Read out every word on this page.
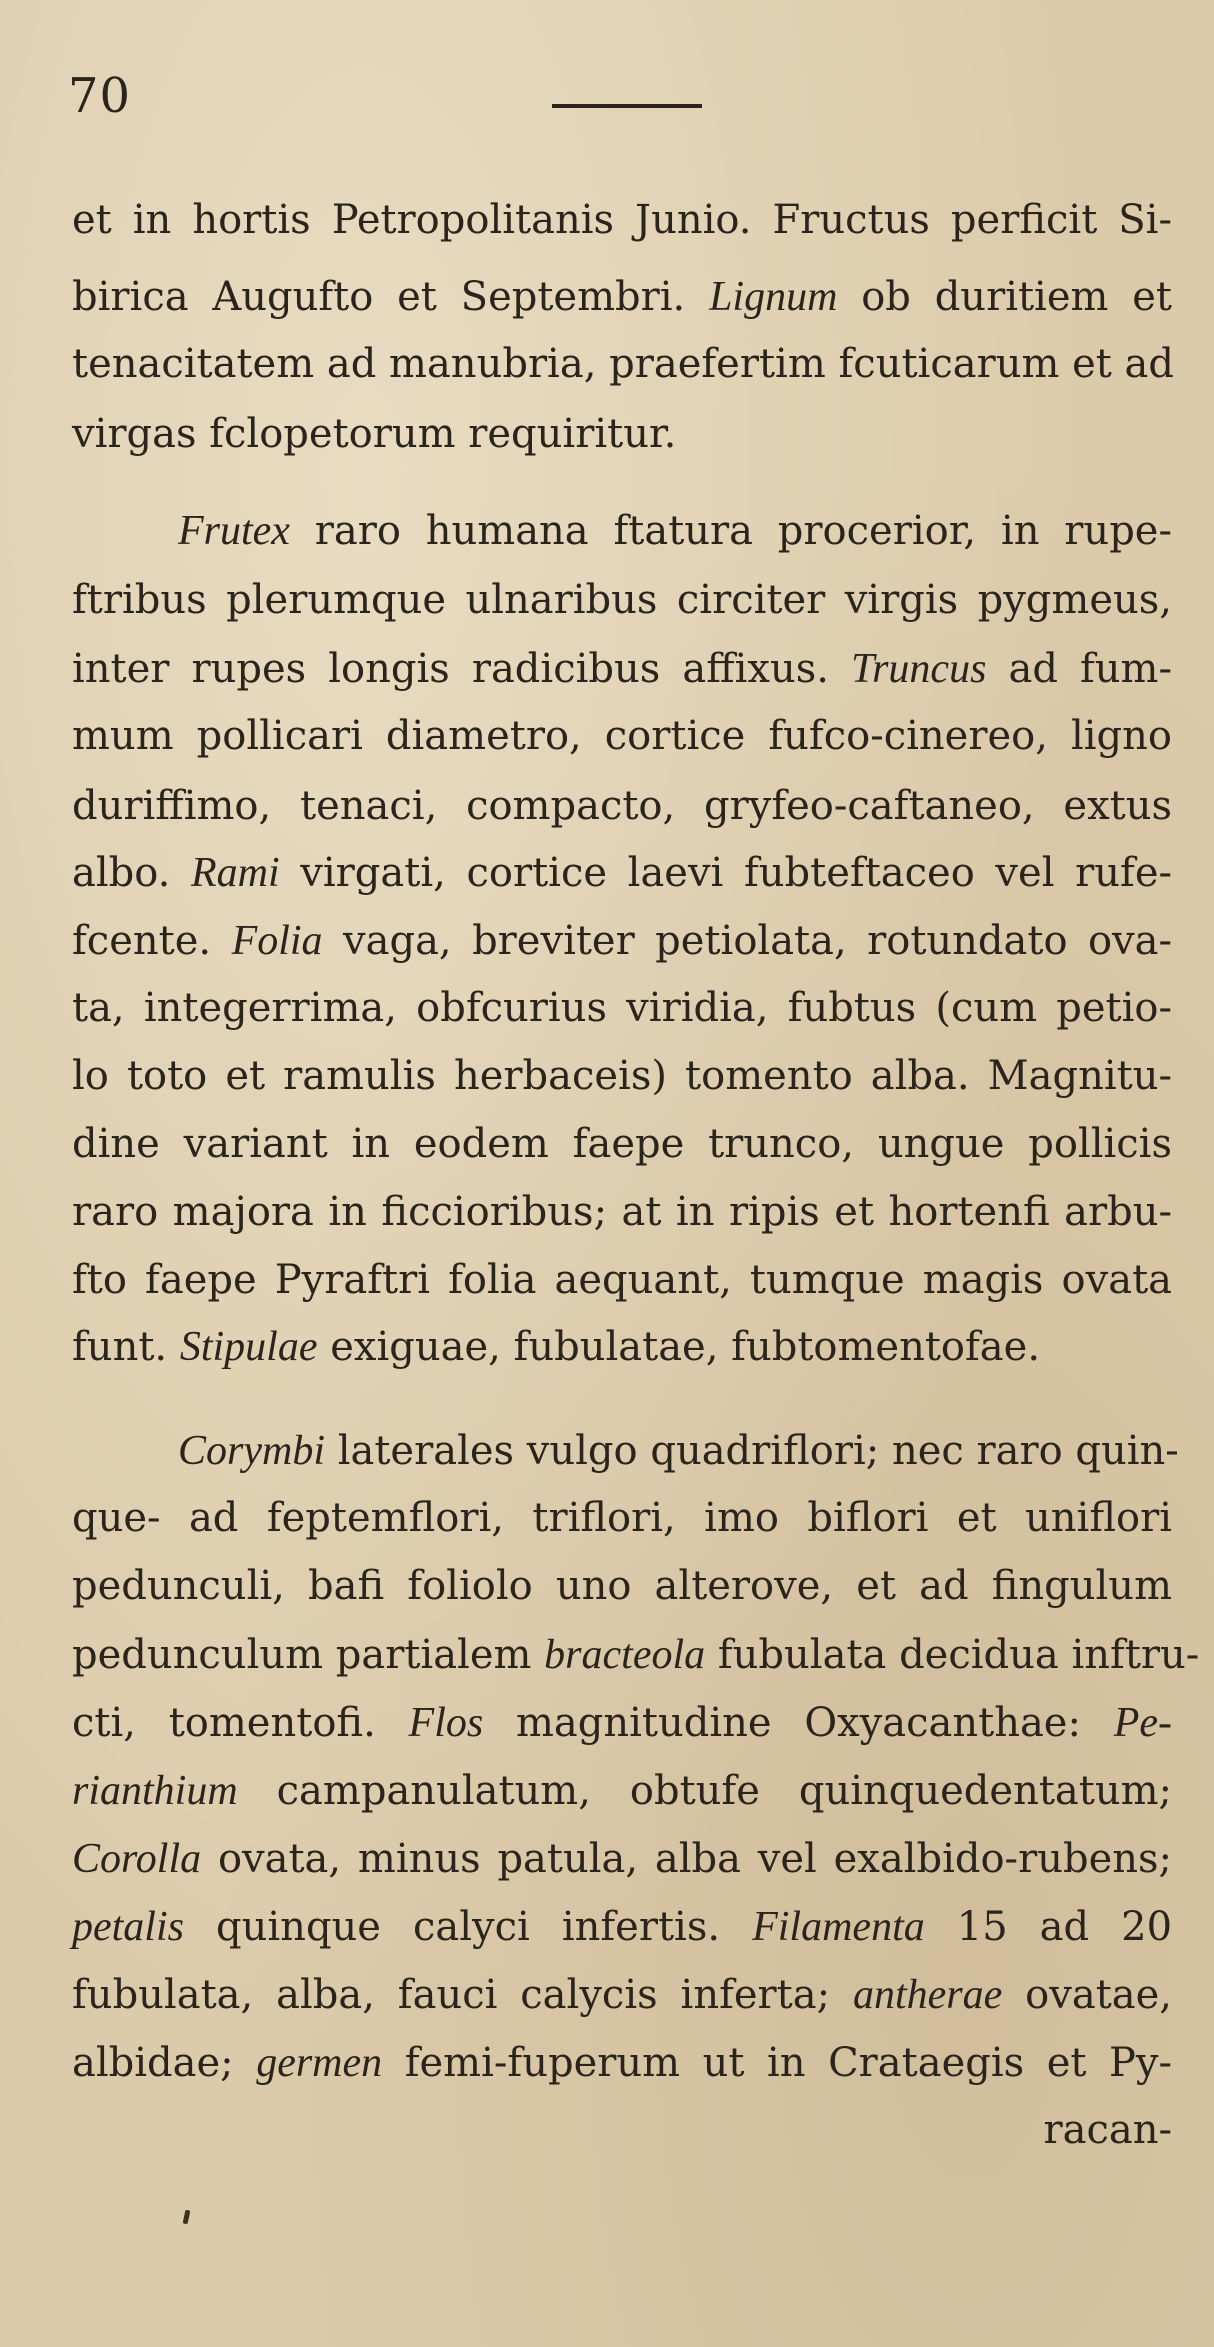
70
et in hortis Petropolitanis Junio. Fructus perficit Si-
birica Augufto et Septembri. Lignum ob duritiem et
tenacitatem ad manubria, praefertim fcuticarum et ad
virgas fclopetorum requiritur.
Frutex raro humana ftatura procerior, in rupe-
ftribus plerumque ulnaribus circiter virgis pygmeus,
inter rupes longis radicibus affixus. Truncus ad fum-
mum pollicari diametro, cortice fufco-cinereo, ligno
duriffimo, tenaci, compacto, gryfeo-caftaneo, extus
albo. Rami virgati, cortice laevi fubteftaceo vel rufe-
fcente. Folia vaga, breviter petiolata, rotundato ova-
ta, integerrima, obfcurius viridia, fubtus (cum petio-
lo toto et ramulis herbaceis) tomento alba. Magnitu-
dine variant in eodem faepe trunco, ungue pollicis
raro majora in ficcioribus; at in ripis et hortenfi arbu-
fto faepe Pyraftri folia aequant, tumque magis ovata
funt. Stipulae exiguae, fubulatae, fubtomentofae.
Corymbi laterales vulgo quadriflori; nec raro quin-
que- ad feptemflori, triflori, imo biflori et uniflori
pedunculi, bafi foliolo uno alterove, et ad fingulum
pedunculum partialem bracteola fubulata decidua inftru-
cti, tomentofi. Flos magnitudine Oxyacanthae: Pe-
rianthium campanulatum, obtufe quinquedentatum;
Corolla ovata, minus patula, alba vel exalbido-rubens;
petalis quinque calyci infertis. Filamenta 15 ad 20
fubulata, alba, fauci calycis inferta; antherae ovatae,
albidae; germen femi-fuperum ut in Crataegis et Py-
racan-
